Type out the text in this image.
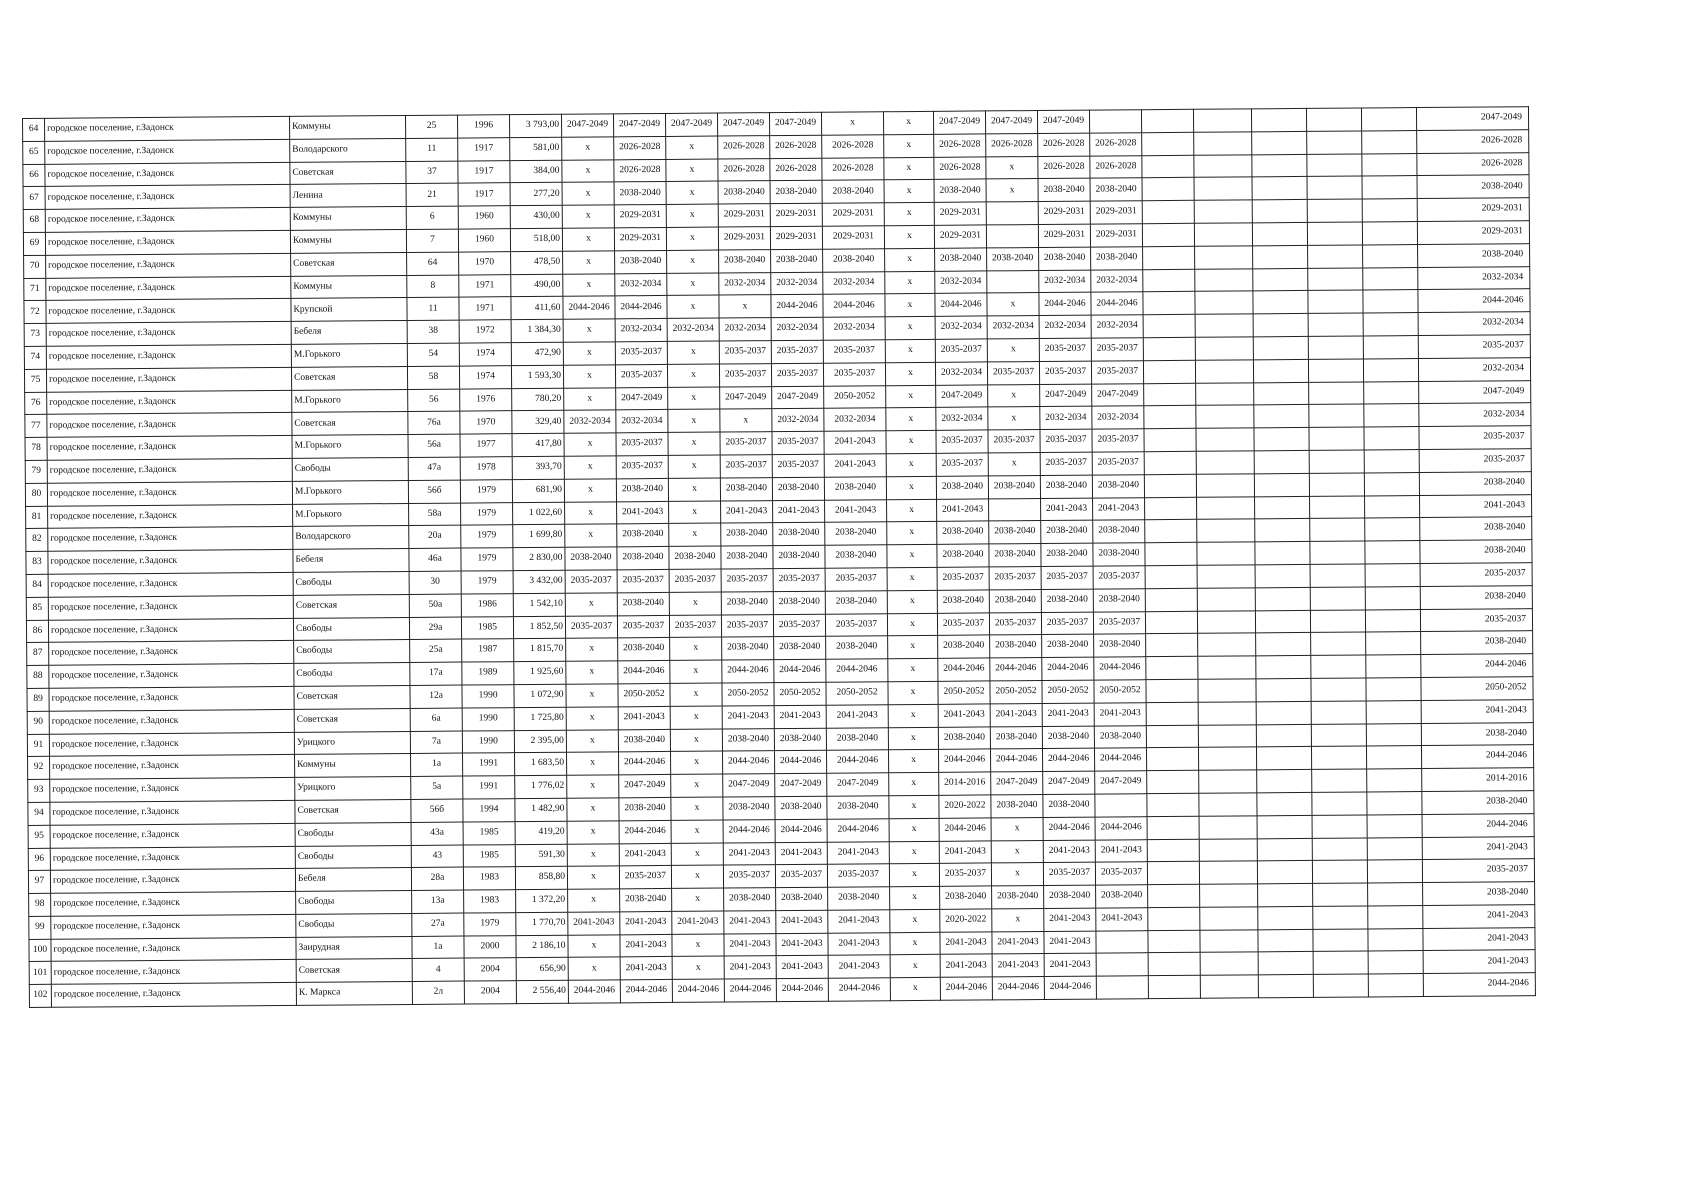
64	городское поселение, г.Задонск	Коммуны	25	1996	3 793,00	2047-2049	2047-2049	2047-2049	2047-2049	2047-2049	x	x	2047-2049	2047-2049	2047-2049							2047-2049
65	городское поселение, г.Задонск	Володарского	11	1917	581,00	x	2026-2028	x	2026-2028	2026-2028	2026-2028	x	2026-2028	2026-2028	2026-2028	2026-2028						2026-2028
66	городское поселение, г.Задонск	Советская	37	1917	384,00	x	2026-2028	x	2026-2028	2026-2028	2026-2028	x	2026-2028	x	2026-2028	2026-2028						2026-2028
67	городское поселение, г.Задонск	Ленина	21	1917	277,20	x	2038-2040	x	2038-2040	2038-2040	2038-2040	x	2038-2040	x	2038-2040	2038-2040						2038-2040
68	городское поселение, г.Задонск	Коммуны	6	1960	430,00	x	2029-2031	x	2029-2031	2029-2031	2029-2031	x	2029-2031		2029-2031	2029-2031						2029-2031
69	городское поселение, г.Задонск	Коммуны	7	1960	518,00	x	2029-2031	x	2029-2031	2029-2031	2029-2031	x	2029-2031		2029-2031	2029-2031						2029-2031
70	городское поселение, г.Задонск	Советская	64	1970	478,50	x	2038-2040	x	2038-2040	2038-2040	2038-2040	x	2038-2040	2038-2040	2038-2040	2038-2040						2038-2040
71	городское поселение, г.Задонск	Коммуны	8	1971	490,00	x	2032-2034	x	2032-2034	2032-2034	2032-2034	x	2032-2034		2032-2034	2032-2034						2032-2034
72	городское поселение, г.Задонск	Крупской	11	1971	411,60	2044-2046	2044-2046	x	x	2044-2046	2044-2046	x	2044-2046	x	2044-2046	2044-2046						2044-2046
73	городское поселение, г.Задонск	Бебеля	38	1972	1 384,30	x	2032-2034	2032-2034	2032-2034	2032-2034	2032-2034	x	2032-2034	2032-2034	2032-2034	2032-2034						2032-2034
74	городское поселение, г.Задонск	М.Горького	54	1974	472,90	x	2035-2037	x	2035-2037	2035-2037	2035-2037	x	2035-2037	x	2035-2037	2035-2037						2035-2037
75	городское поселение, г.Задонск	Советская	58	1974	1 593,30	x	2035-2037	x	2035-2037	2035-2037	2035-2037	x	2032-2034	2035-2037	2035-2037	2035-2037						2032-2034
76	городское поселение, г.Задонск	М.Горького	56	1976	780,20	x	2047-2049	x	2047-2049	2047-2049	2050-2052	x	2047-2049	x	2047-2049	2047-2049						2047-2049
77	городское поселение, г.Задонск	Советская	76а	1970	329,40	2032-2034	2032-2034	x	x	2032-2034	2032-2034	x	2032-2034	x	2032-2034	2032-2034						2032-2034
78	городское поселение, г.Задонск	М.Горького	56а	1977	417,80	x	2035-2037	x	2035-2037	2035-2037	2041-2043	x	2035-2037	2035-2037	2035-2037	2035-2037						2035-2037
79	городское поселение, г.Задонск	Свободы	47а	1978	393,70	x	2035-2037	x	2035-2037	2035-2037	2041-2043	x	2035-2037	x	2035-2037	2035-2037						2035-2037
80	городское поселение, г.Задонск	М.Горького	56б	1979	681,90	x	2038-2040	x	2038-2040	2038-2040	2038-2040	x	2038-2040	2038-2040	2038-2040	2038-2040						2038-2040
81	городское поселение, г.Задонск	М.Горького	58а	1979	1 022,60	x	2041-2043	x	2041-2043	2041-2043	2041-2043	x	2041-2043		2041-2043	2041-2043						2041-2043
82	городское поселение, г.Задонск	Володарского	20а	1979	1 699,80	x	2038-2040	x	2038-2040	2038-2040	2038-2040	x	2038-2040	2038-2040	2038-2040	2038-2040						2038-2040
83	городское поселение, г.Задонск	Бебеля	46а	1979	2 830,00	2038-2040	2038-2040	2038-2040	2038-2040	2038-2040	2038-2040	x	2038-2040	2038-2040	2038-2040	2038-2040						2038-2040
84	городское поселение, г.Задонск	Свободы	30	1979	3 432,00	2035-2037	2035-2037	2035-2037	2035-2037	2035-2037	2035-2037	x	2035-2037	2035-2037	2035-2037	2035-2037						2035-2037
85	городское поселение, г.Задонск	Советская	50а	1986	1 542,10	x	2038-2040	x	2038-2040	2038-2040	2038-2040	x	2038-2040	2038-2040	2038-2040	2038-2040						2038-2040
86	городское поселение, г.Задонск	Свободы	29а	1985	1 852,50	2035-2037	2035-2037	2035-2037	2035-2037	2035-2037	2035-2037	x	2035-2037	2035-2037	2035-2037	2035-2037						2035-2037
87	городское поселение, г.Задонск	Свободы	25а	1987	1 815,70	x	2038-2040	x	2038-2040	2038-2040	2038-2040	x	2038-2040	2038-2040	2038-2040	2038-2040						2038-2040
88	городское поселение, г.Задонск	Свободы	17а	1989	1 925,60	x	2044-2046	x	2044-2046	2044-2046	2044-2046	x	2044-2046	2044-2046	2044-2046	2044-2046						2044-2046
89	городское поселение, г.Задонск	Советская	12а	1990	1 072,90	x	2050-2052	x	2050-2052	2050-2052	2050-2052	x	2050-2052	2050-2052	2050-2052	2050-2052						2050-2052
90	городское поселение, г.Задонск	Советская	6а	1990	1 725,80	x	2041-2043	x	2041-2043	2041-2043	2041-2043	x	2041-2043	2041-2043	2041-2043	2041-2043						2041-2043
91	городское поселение, г.Задонск	Урицкого	7а	1990	2 395,00	x	2038-2040	x	2038-2040	2038-2040	2038-2040	x	2038-2040	2038-2040	2038-2040	2038-2040						2038-2040
92	городское поселение, г.Задонск	Коммуны	1а	1991	1 683,50	x	2044-2046	x	2044-2046	2044-2046	2044-2046	x	2044-2046	2044-2046	2044-2046	2044-2046						2044-2046
93	городское поселение, г.Задонск	Урицкого	5а	1991	1 776,02	x	2047-2049	x	2047-2049	2047-2049	2047-2049	x	2014-2016	2047-2049	2047-2049	2047-2049						2014-2016
94	городское поселение, г.Задонск	Советская	56б	1994	1 482,90	x	2038-2040	x	2038-2040	2038-2040	2038-2040	x	2020-2022	2038-2040	2038-2040							2038-2040
95	городское поселение, г.Задонск	Свободы	43а	1985	419,20	x	2044-2046	x	2044-2046	2044-2046	2044-2046	x	2044-2046	x	2044-2046	2044-2046						2044-2046
96	городское поселение, г.Задонск	Свободы	43	1985	591,30	x	2041-2043	x	2041-2043	2041-2043	2041-2043	x	2041-2043	x	2041-2043	2041-2043						2041-2043
97	городское поселение, г.Задонск	Бебеля	28а	1983	858,80	x	2035-2037	x	2035-2037	2035-2037	2035-2037	x	2035-2037	x	2035-2037	2035-2037						2035-2037
98	городское поселение, г.Задонск	Свободы	13а	1983	1 372,20	x	2038-2040	x	2038-2040	2038-2040	2038-2040	x	2038-2040	2038-2040	2038-2040	2038-2040						2038-2040
99	городское поселение, г.Задонск	Свободы	27а	1979	1 770,70	2041-2043	2041-2043	2041-2043	2041-2043	2041-2043	2041-2043	x	2020-2022	x	2041-2043	2041-2043						2041-2043
100	городское поселение, г.Задонск	Заирудная	1а	2000	2 186,10	x	2041-2043	x	2041-2043	2041-2043	2041-2043	x	2041-2043	2041-2043	2041-2043							2041-2043
101	городское поселение, г.Задонск	Советская	4	2004	656,90	x	2041-2043	x	2041-2043	2041-2043	2041-2043	x	2041-2043	2041-2043	2041-2043							2041-2043
102	городское поселение, г.Задонск	К. Маркса	2л	2004	2 556,40	2044-2046	2044-2046	2044-2046	2044-2046	2044-2046	2044-2046	x	2044-2046	2044-2046	2044-2046							2044-2046
